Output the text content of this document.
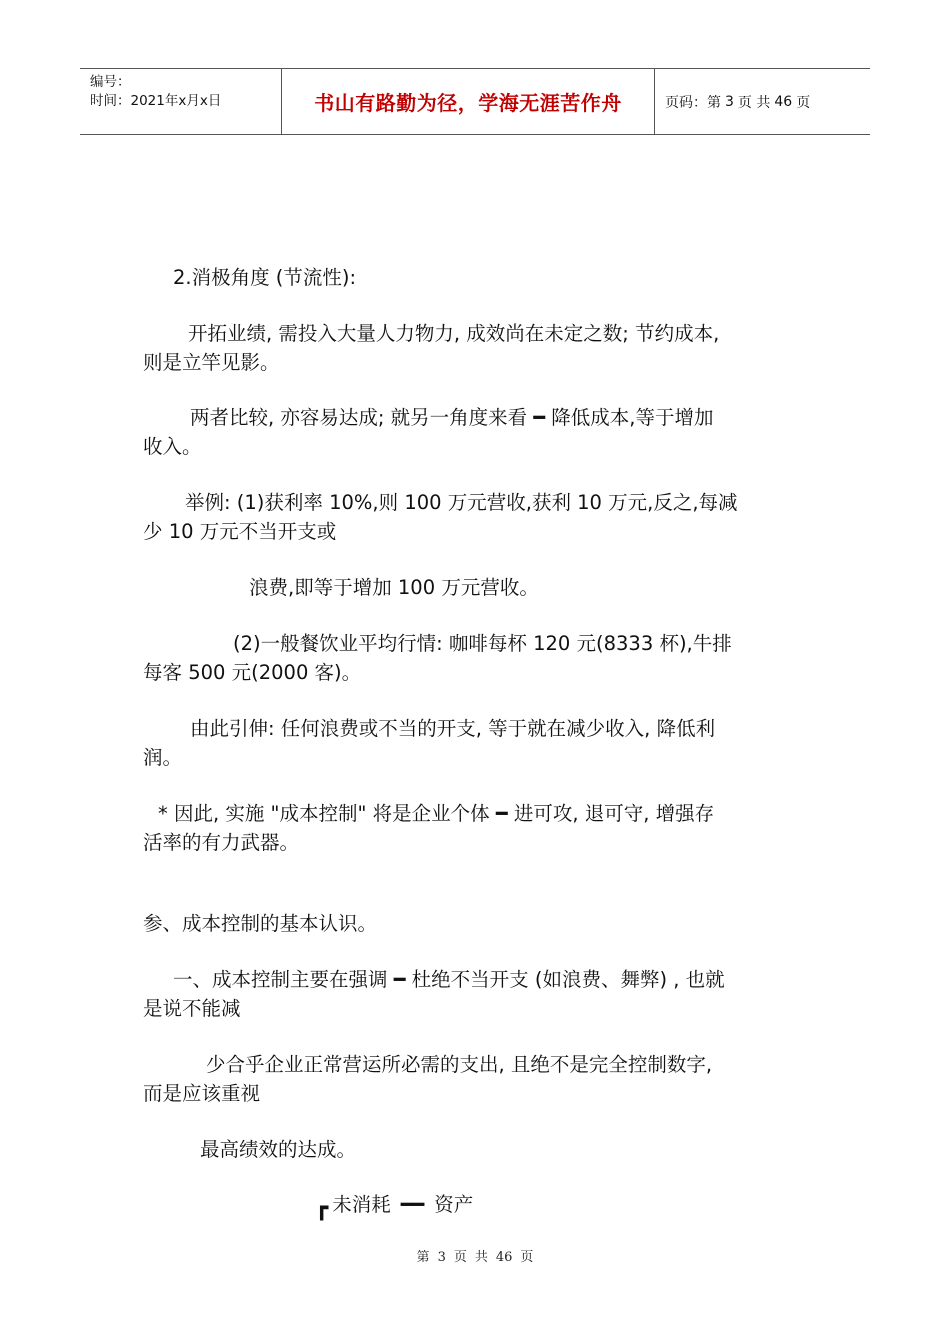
编号：
时间：2021年x月x日	书山有路勤为径，学海无涯苦作舟	页码：第 3 页 共 46 页

2.消极角度 (节流性):

开拓业绩, 需投入大量人力物力, 成效尚在未定之数; 节约成本,
则是立竿见影。

两者比较, 亦容易达成; 就另一角度来看 ━ 降低成本,等于增加
收入。

举例: (1)获利率 10%,则 100 万元营收,获利 10 万元,反之,每减
少 10 万元不当开支或

浪费,即等于增加 100 万元营收。

(2)一般餐饮业平均行情: 咖啡每杯 120 元(8333 杯),牛排
每客 500 元(2000 客)。

由此引伸: 任何浪费或不当的开支, 等于就在减少收入, 降低利
润。

* 因此, 实施 "成本控制" 将是企业个体 ━ 进可攻, 退可守, 增强存
活率的有力武器。

参、成本控制的基本认识。

一、成本控制主要在强调 ━ 杜绝不当开支 (如浪费、舞弊) , 也就
是说不能减

少合乎企业正常营运所必需的支出, 且绝不是完全控制数字,
而是应该重视

最高绩效的达成。

┏ 未消耗 ━━ 资产

第 3 页 共 46 页
